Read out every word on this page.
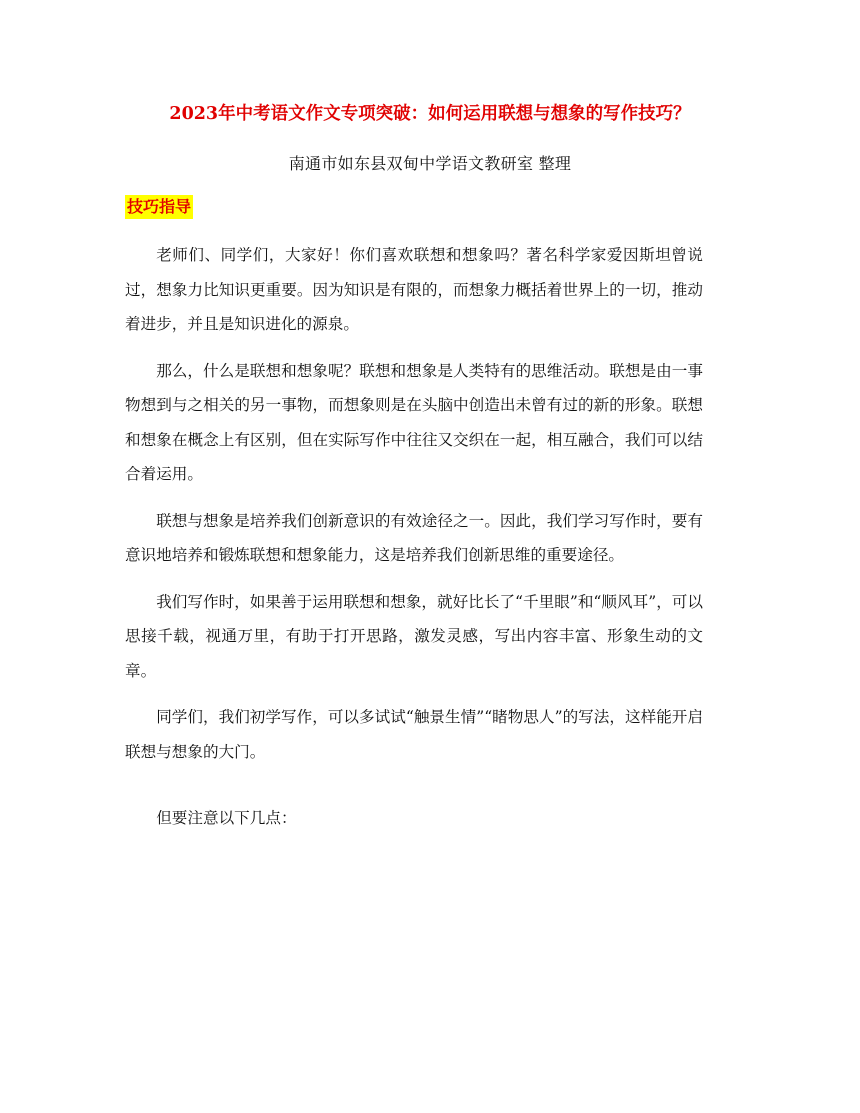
2023年中考语文作文专项突破：如何运用联想与想象的写作技巧？
南通市如东县双甸中学语文教研室 整理
技巧指导

老师们、同学们，大家好！你们喜欢联想和想象吗？著名科学家爱因斯坦曾说过，想象力比知识更重要。因为知识是有限的，而想象力概括着世界上的一切，推动着进步，并且是知识进化的源泉。

那么，什么是联想和想象呢？联想和想象是人类特有的思维活动。联想是由一事物想到与之相关的另一事物，而想象则是在头脑中创造出未曾有过的新的形象。联想和想象在概念上有区别，但在实际写作中往往又交织在一起，相互融合，我们可以结合着运用。

联想与想象是培养我们创新意识的有效途径之一。因此，我们学习写作时，要有意识地培养和锻炼联想和想象能力，这是培养我们创新思维的重要途径。

我们写作时，如果善于运用联想和想象，就好比长了“千里眼”和“顺风耳”，可以思接千载，视通万里，有助于打开思路，激发灵感，写出内容丰富、形象生动的文章。

同学们，我们初学写作，可以多试试“触景生情”“睹物思人”的写法，这样能开启联想与想象的大门。

但要注意以下几点：
